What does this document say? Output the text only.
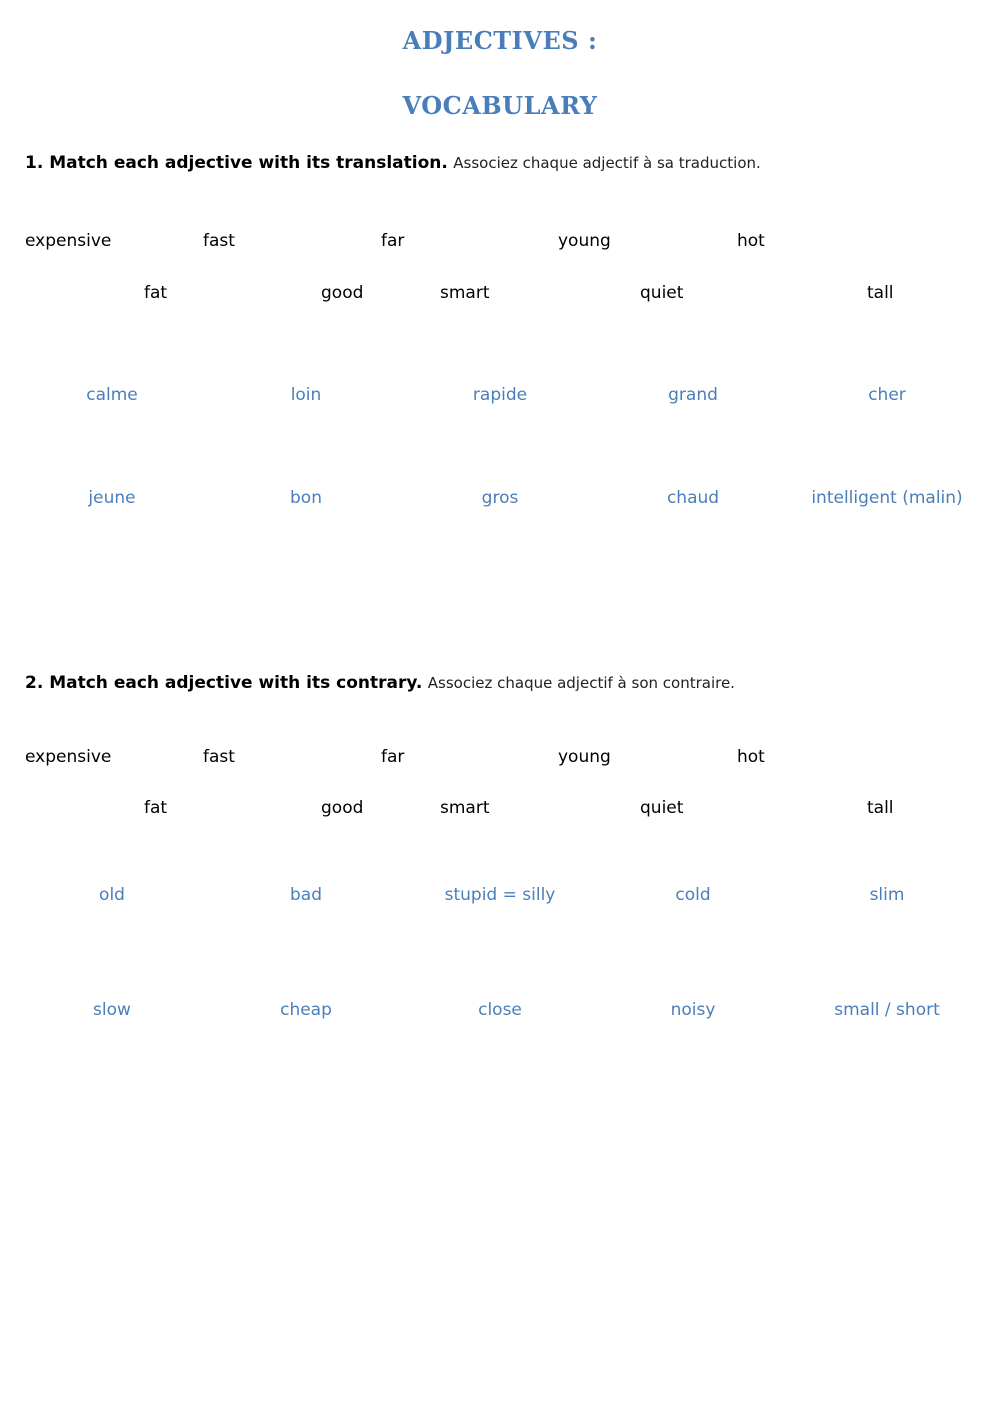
ADJECTIVES :
VOCABULARY
1. Match each adjective with its translation. Associez chaque adjectif à sa traduction.
expensive	fast	far	young	hot
fat	good	smart	quiet	tall
calme	loin	rapide	grand	cher
jeune	bon	gros	chaud	intelligent (malin)
2. Match each adjective with its contrary. Associez chaque adjectif à son contraire.
expensive	fast	far	young	hot
fat	good	smart	quiet	tall
old	bad	stupid = silly	cold	slim
slow	cheap	close	noisy	small / short
